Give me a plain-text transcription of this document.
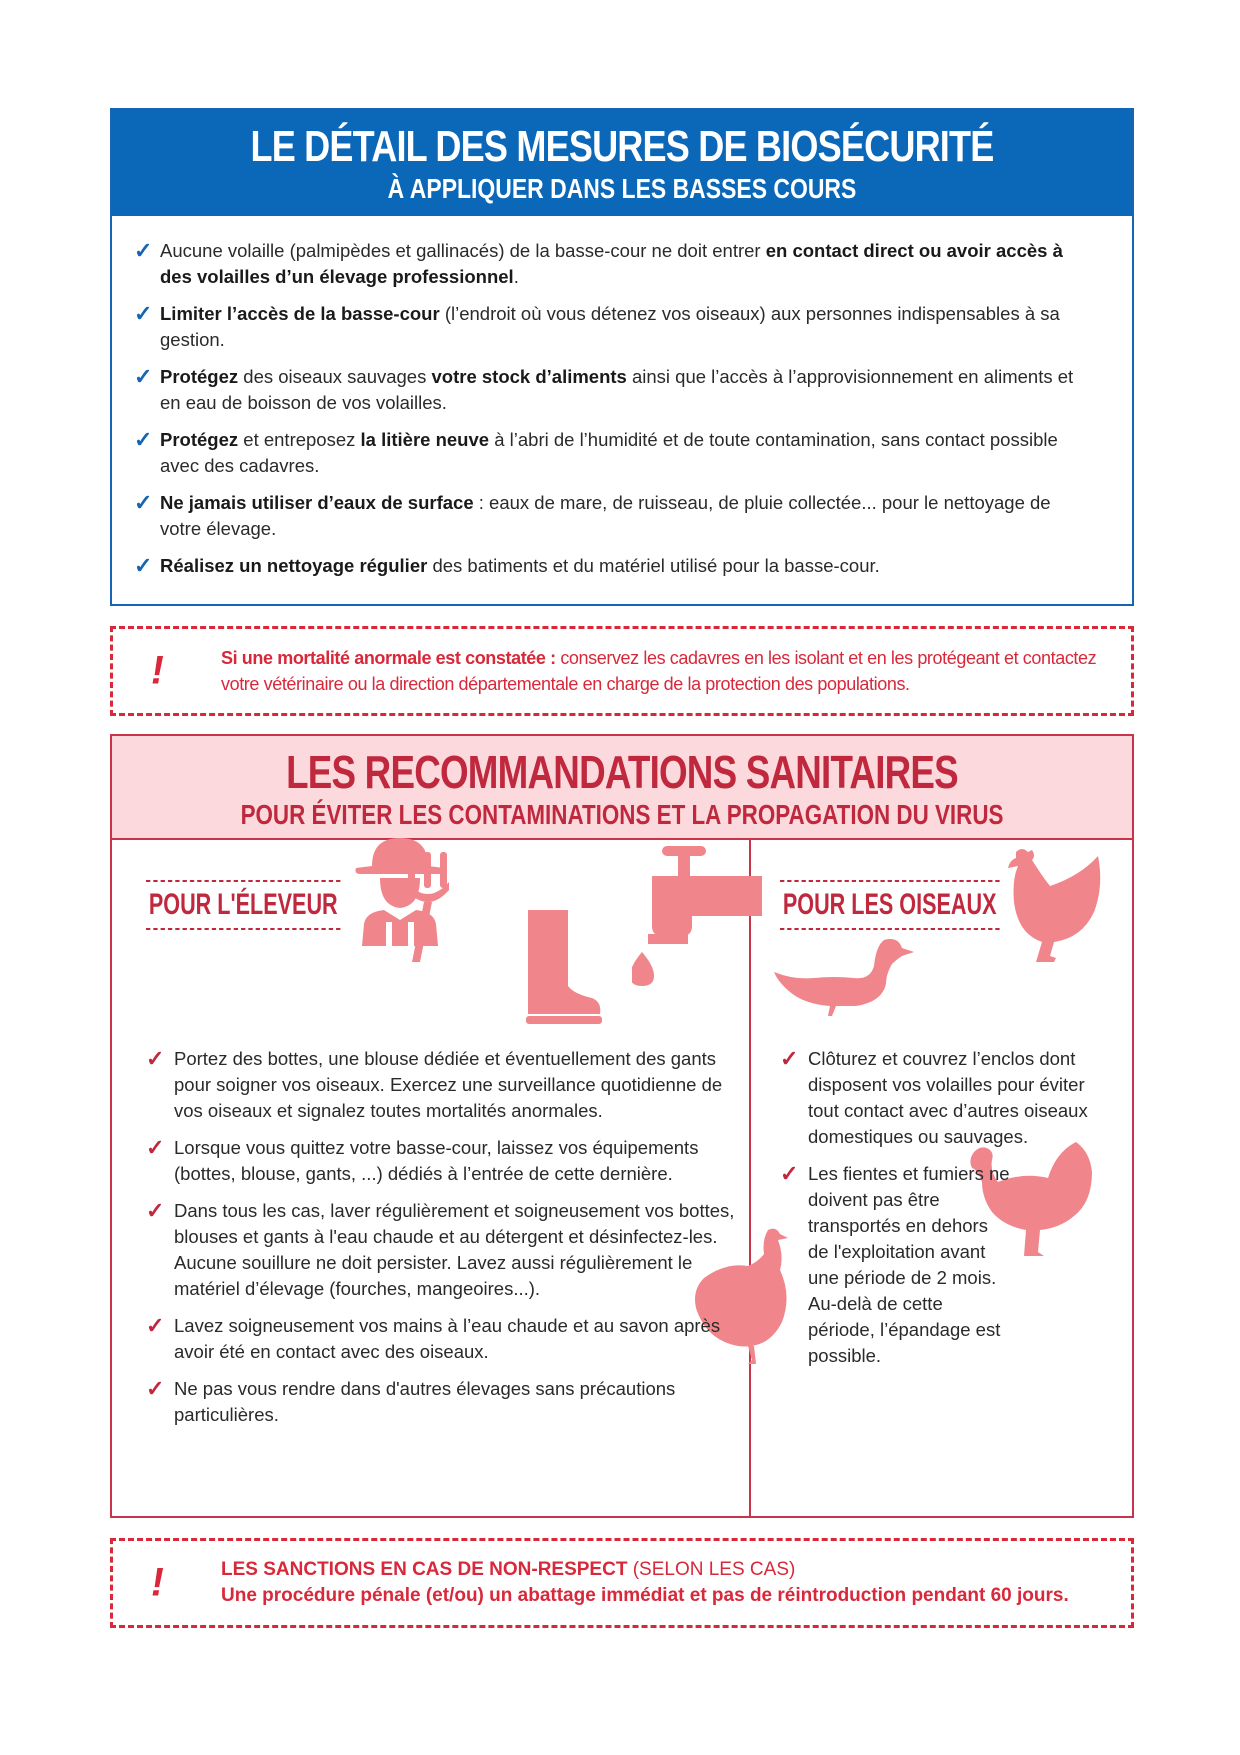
LE DÉTAIL DES MESURES DE BIOSÉCURITÉ
À APPLIQUER DANS LES BASSES COURS
✓ Aucune volaille (palmipèdes et gallinacés) de la basse-cour ne doit entrer en contact direct ou avoir accès à des volailles d’un élevage professionnel.
✓ Limiter l’accès de la basse-cour (l’endroit où vous détenez vos oiseaux) aux personnes indispensables à sa gestion.
✓ Protégez des oiseaux sauvages votre stock d’aliments ainsi que l’accès à l’approvisionnement en aliments et en eau de boisson de vos volailles.
✓ Protégez et entreposez la litière neuve à l’abri de l’humidité et de toute contamination, sans contact possible avec des cadavres.
✓ Ne jamais utiliser d’eaux de surface : eaux de mare, de ruisseau, de pluie collectée... pour le nettoyage de votre élevage.
✓ Réalisez un nettoyage régulier des batiments et du matériel utilisé pour la basse-cour.
!	Si une mortalité anormale est constatée : conservez les cadavres en les isolant et en les protégeant et contactez votre vétérinaire ou la direction départementale en charge de la protection des populations.

LES RECOMMANDATIONS SANITAIRES
POUR ÉVITER LES CONTAMINATIONS ET LA PROPAGATION DU VIRUS
POUR L'ÉLEVEUR	POUR LES OISEAUX
✓ Portez des bottes, une blouse dédiée et éventuellement des gants pour soigner vos oiseaux. Exercez une surveillance quotidienne de vos oiseaux et signalez toutes mortalités anormales.
✓ Lorsque vous quittez votre basse-cour, laissez vos équipements (bottes, blouse, gants, ...) dédiés à l’entrée de cette dernière.
✓ Dans tous les cas, laver régulièrement et soigneusement vos bottes, blouses et gants à l'eau chaude et au détergent et désinfectez-les. Aucune souillure ne doit persister. Lavez aussi régulièrement le matériel d’élevage (fourches, mangeoires...).
✓ Lavez soigneusement vos mains à l’eau chaude et au savon après avoir été en contact avec des oiseaux.
✓ Ne pas vous rendre dans d'autres élevages sans précautions particulières.
✓ Clôturez et couvrez l’enclos dont disposent vos volailles pour éviter tout contact avec d’autres oiseaux domestiques ou sauvages.
✓ Les fientes et fumiers ne doivent pas être transportés en dehors de l'exploitation avant une période de 2 mois. Au-delà de cette période, l’épandage est possible.
!	LES SANCTIONS EN CAS DE NON-RESPECT (SELON LES CAS)
Une procédure pénale (et/ou) un abattage immédiat et pas de réintroduction pendant 60 jours.
